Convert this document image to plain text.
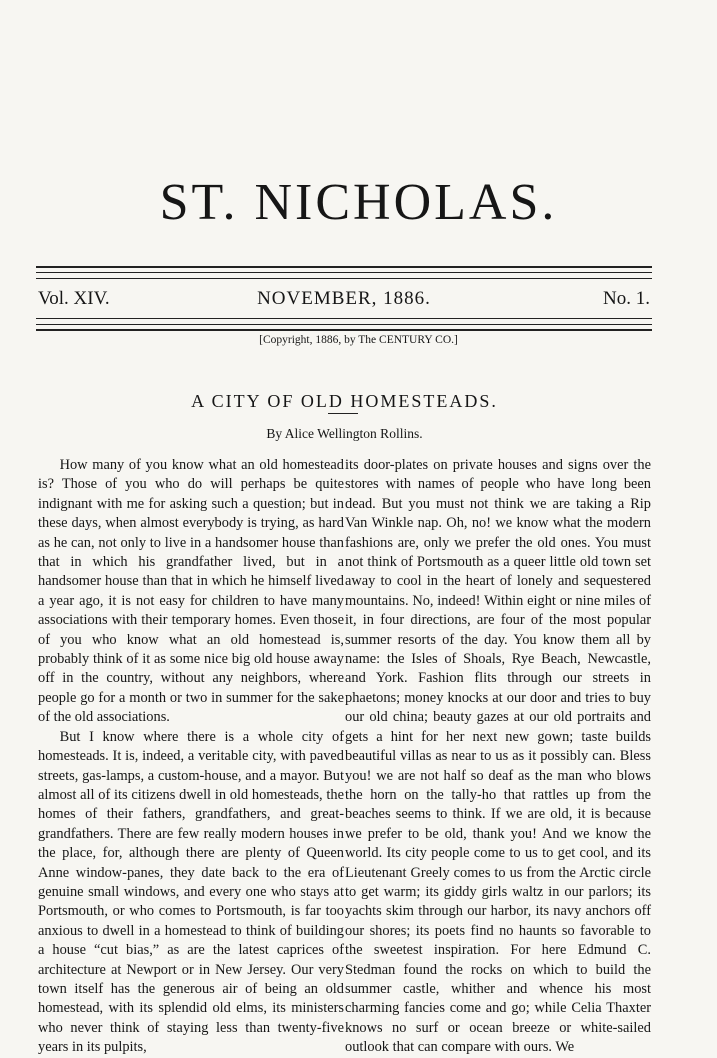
ST. NICHOLAS.
Vol. XIV.	NOVEMBER, 1886.	No. 1.
[Copyright, 1886, by The CENTURY CO.]
A CITY OF OLD HOMESTEADS.
By Alice Wellington Rollins.

How many of you know what an old homestead is? Those of you who do will perhaps be quite indignant with me for asking such a question; but in these days, when almost everybody is trying, as hard as he can, not only to live in a handsomer house than that in which his grandfather lived, but in a handsomer house than that in which he himself lived a year ago, it is not easy for children to have many associations with their temporary homes. Even those of you who know what an old homestead is, probably think of it as some nice big old house away off in the country, without any neighbors, where people go for a month or two in summer for the sake of the old associations.

But I know where there is a whole city of homesteads. It is, indeed, a veritable city, with paved streets, gas-lamps, a custom-house, and a mayor. But almost all of its citizens dwell in old homesteads, the homes of their fathers, grandfathers, and great-grandfathers. There are few really modern houses in the place, for, although there are plenty of Queen Anne window-panes, they date back to the era of genuine small windows, and every one who stays at Portsmouth, or who comes to Portsmouth, is far too anxious to dwell in a homestead to think of building a house “cut bias,” as are the latest caprices of architecture at Newport or in New Jersey. Our very town itself has the generous air of being an old homestead, with its splendid old elms, its ministers who never think of staying less than twenty-five years in its pulpits,

its door-plates on private houses and signs over the stores with names of people who have long been dead. But you must not think we are taking a Rip Van Winkle nap. Oh, no! we know what the modern fashions are, only we prefer the old ones. You must not think of Portsmouth as a queer little old town set away to cool in the heart of lonely and sequestered mountains. No, indeed! Within eight or nine miles of it, in four directions, are four of the most popular summer resorts of the day. You know them all by name: the Isles of Shoals, Rye Beach, Newcastle, and York. Fashion flits through our streets in phaetons; money knocks at our door and tries to buy our old china; beauty gazes at our old portraits and gets a hint for her next new gown; taste builds beautiful villas as near to us as it possibly can. Bless you! we are not half so deaf as the man who blows the horn on the tally-ho that rattles up from the beaches seems to think. If we are old, it is because we prefer to be old, thank you! And we know the world. Its city people come to us to get cool, and its Lieutenant Greely comes to us from the Arctic circle to get warm; its giddy girls waltz in our parlors; its yachts skim through our harbor, its navy anchors off our shores; its poets find no haunts so favorable to the sweetest inspiration. For here Edmund C. Stedman found the rocks on which to build the summer castle, whither and whence his most charming fancies come and go; while Celia Thaxter knows no surf or ocean breeze or white-sailed outlook that can compare with ours. We
